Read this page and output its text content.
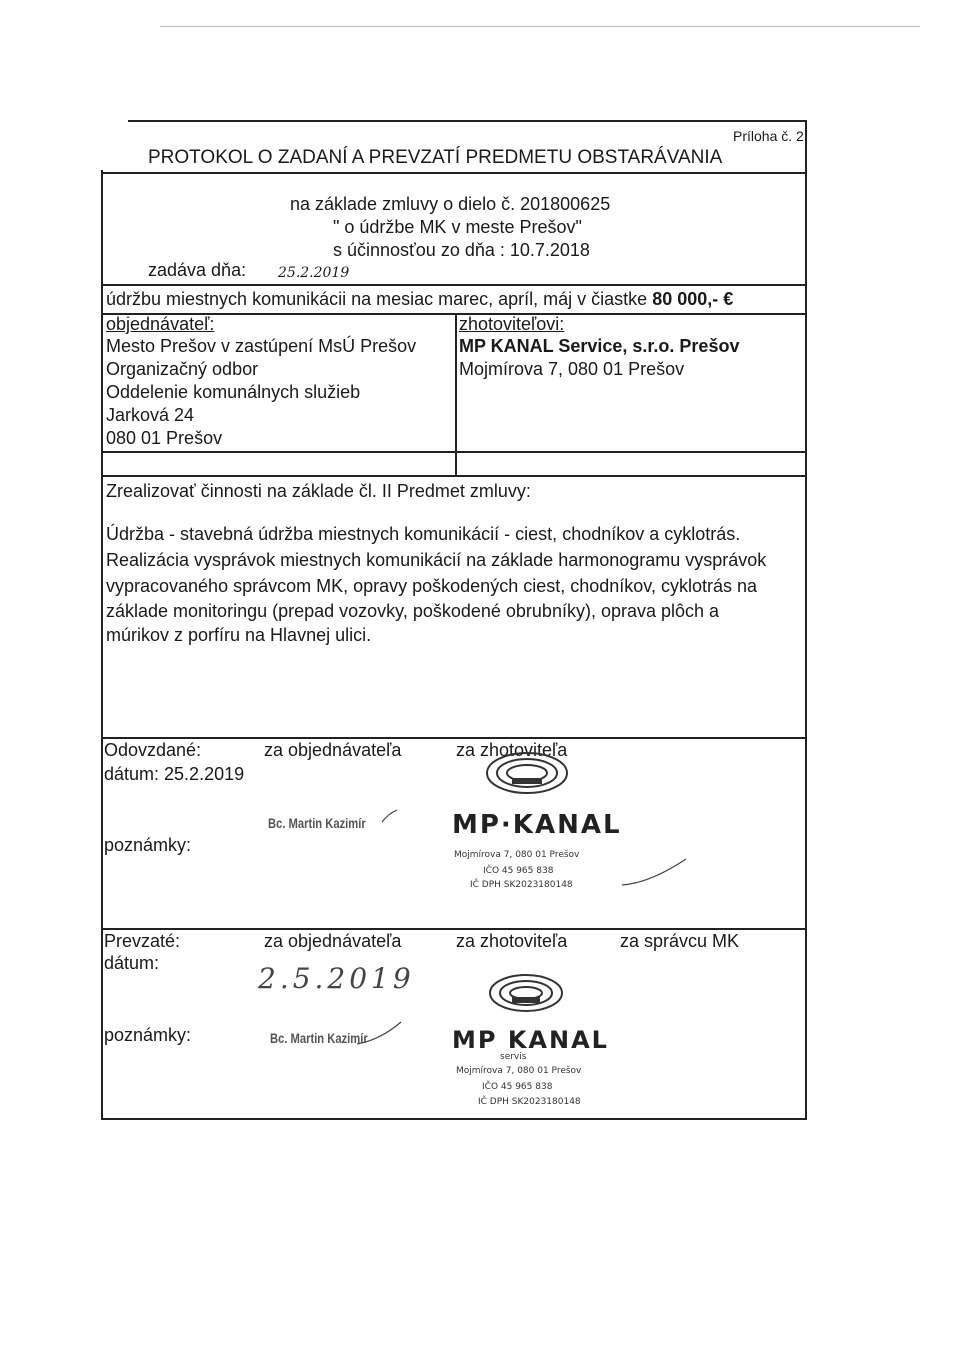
Príloha č. 2
PROTOKOL O ZADANÍ A PREVZATÍ PREDMETU OBSTARÁVANIA
na základe zmluvy o dielo č. 201800625
" o údržbe MK v meste Prešov"
s účinnosťou zo dňa : 10.7.2018
zadáva dňa: 25.2.2019
údržbu miestnych komunikácii na mesiac marec, apríl, máj v čiastke 80 000,- €
objednávateľ:
Mesto Prešov v zastúpení MsÚ Prešov
Organizačný odbor
Oddelenie komunálnych služieb
Jarková 24
080 01 Prešov
zhotoviteľovi:
MP KANAL Service, s.r.o. Prešov
Mojmírova 7, 080 01 Prešov
Zrealizovať činnosti na základe čl. II Predmet zmluvy:
Údržba - stavebná údržba miestnych komunikácií - ciest, chodníkov a cyklotrás.
Realizácia vysprávok miestnych komunikácií na základe harmonogramu vysprávok
vypracovaného správcom MK, opravy poškodených ciest, chodníkov, cyklotrás na
základe monitoringu (prepad vozovky, poškodené obrubníky), oprava plôch a
múrikov z porfíru na Hlavnej ulici.
Odovzdané:
dátum: 25.2.2019
za objednávateľa	za zhotoviteľa
poznámky:
Bc. Martin Kazimír	MP·KANAL
Mojmírova 7, 080 01 Prešov
IČO 45 965 838
IČ DPH SK2023180148
Prevzaté:
dátum:
za objednávateľa	za zhotoviteľa	za správcu MK
2.5.2019
poznámky:	Bc. Martin Kazimír	MP KANAL
servis
Mojmírova 7, 080 01 Prešov
IČO 45 965 838
IČ DPH SK2023180148
